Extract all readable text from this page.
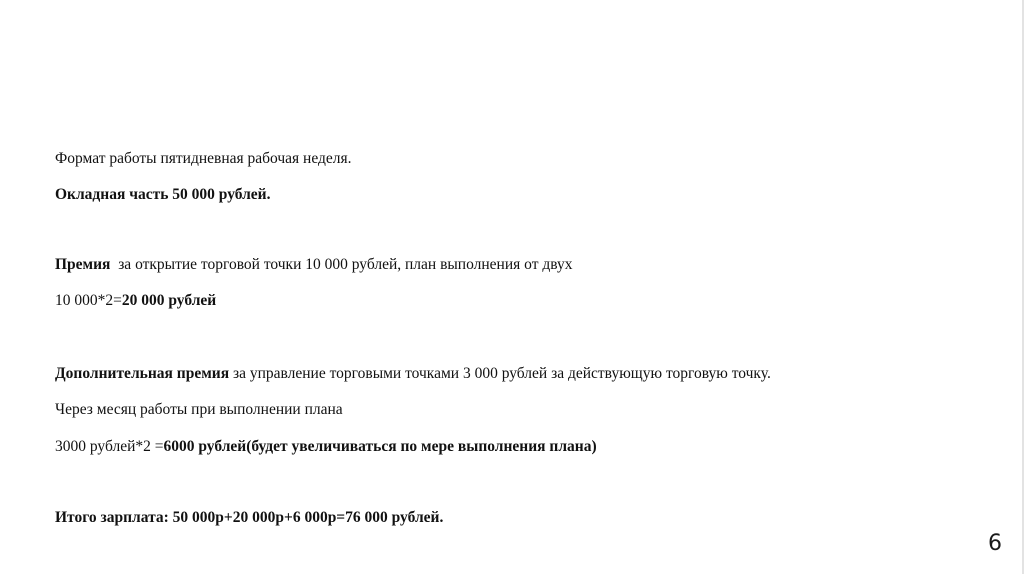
Формат работы пятидневная рабочая неделя.
Окладная часть 50 000 рублей.
Премия  за открытие торговой точки 10 000 рублей, план выполнения от двух
10 000*2=20 000 рублей
Дополнительная премия за управление торговыми точками 3 000 рублей за действующую торговую точку.
Через месяц работы при выполнении плана
3000 рублей*2 =6000 рублей(будет увеличиваться по мере выполнения плана)
Итого зарплата: 50 000р+20 000р+6 000р=76 000 рублей.
6
